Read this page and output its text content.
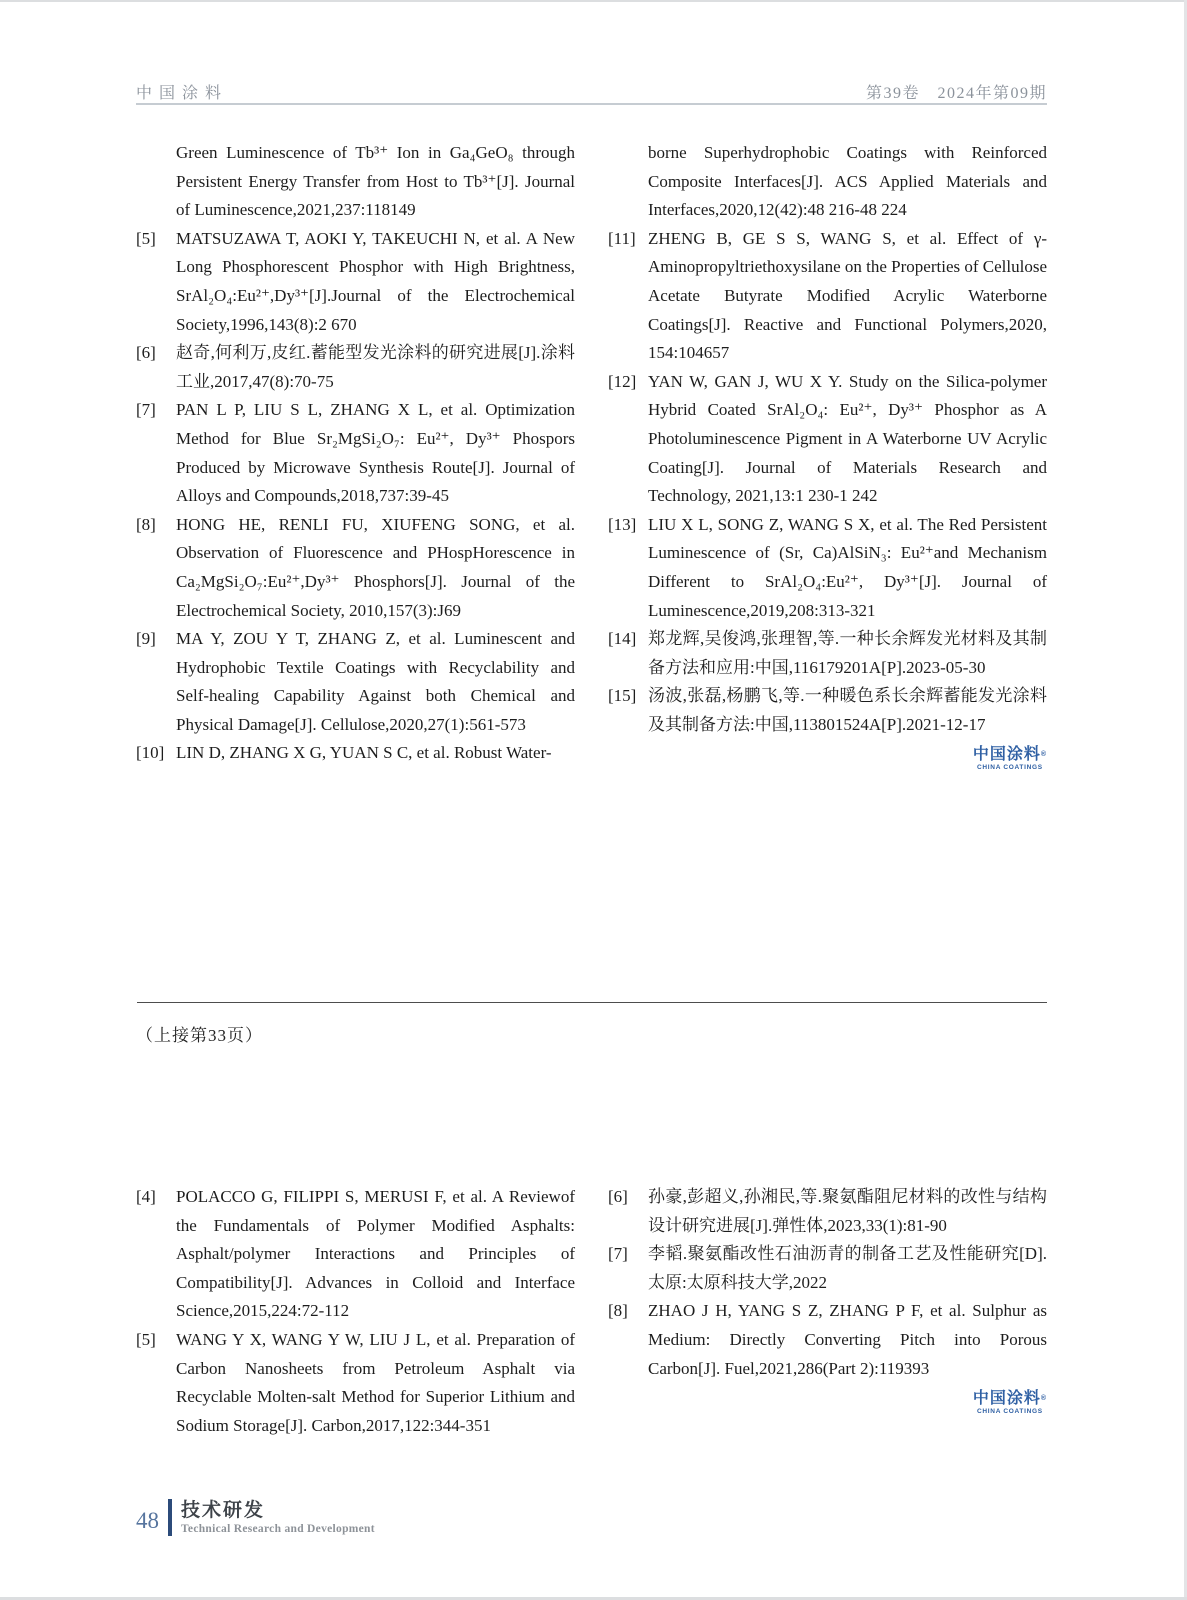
中国涂料	第39卷　2024年第09期
Green Luminescence of Tb³⁺ Ion in Ga₄GeO₈ through Persistent Energy Transfer from Host to Tb³⁺[J]. Journal of Luminescence,2021,237:118149
[5] MATSUZAWA T, AOKI Y, TAKEUCHI N, et al. A New Long Phosphorescent Phosphor with High Brightness, SrAl₂O₄:Eu²⁺,Dy³⁺[J].Journal of the Electrochemical Society,1996,143(8):2 670
[6] 赵奇,何利万,皮红.蓄能型发光涂料的研究进展[J].涂料工业,2017,47(8):70-75
[7] PAN L P, LIU S L, ZHANG X L, et al. Optimization Method for Blue Sr₂MgSi₂O₇: Eu²⁺, Dy³⁺ Phospors Produced by Microwave Synthesis Route[J]. Journal of Alloys and Compounds,2018,737:39-45
[8] HONG HE, RENLI FU, XIUFENG SONG, et al. Observation of Fluorescence and PHospHorescence in Ca₂MgSi₂O₇:Eu²⁺,Dy³⁺ Phosphors[J]. Journal of the Electrochemical Society, 2010,157(3):J69
[9] MA Y, ZOU Y T, ZHANG Z, et al. Luminescent and Hydrophobic Textile Coatings with Recyclability and Self-healing Capability Against both Chemical and Physical Damage[J]. Cellulose,2020,27(1):561-573
[10] LIN D, ZHANG X G, YUAN S C, et al. Robust Water-
borne Superhydrophobic Coatings with Reinforced Composite Interfaces[J]. ACS Applied Materials and Interfaces,2020,12(42):48 216-48 224
[11] ZHENG B, GE S S, WANG S, et al. Effect of γ-Aminopropyltriethoxysilane on the Properties of Cellulose Acetate Butyrate Modified Acrylic Waterborne Coatings[J]. Reactive and Functional Polymers,2020, 154:104657
[12] YAN W, GAN J, WU X Y. Study on the Silica-polymer Hybrid Coated SrAl₂O₄: Eu²⁺, Dy³⁺ Phosphor as A Photoluminescence Pigment in A Waterborne UV Acrylic Coating[J]. Journal of Materials Research and Technology, 2021,13:1 230-1 242
[13] LIU X L, SONG Z, WANG S X, et al. The Red Persistent Luminescence of (Sr, Ca)AlSiN₃: Eu²⁺and Mechanism Different to SrAl₂O₄:Eu²⁺, Dy³⁺[J]. Journal of Luminescence,2019,208:313-321
[14] 郑龙辉,吴俊鸿,张理智,等.一种长余辉发光材料及其制备方法和应用:中国,116179201A[P].2023-05-30
[15] 汤波,张磊,杨鹏飞,等.一种暖色系长余辉蓄能发光涂料及其制备方法:中国,113801524A[P].2021-12-17
中国涂料®
CHINA COATINGS
（上接第33页）
[4] POLACCO G, FILIPPI S, MERUSI F, et al. A Reviewof the Fundamentals of Polymer Modified Asphalts: Asphalt/polymer Interactions and Principles of Compatibility[J]. Advances in Colloid and Interface Science,2015,224:72-112
[5] WANG Y X, WANG Y W, LIU J L, et al. Preparation of Carbon Nanosheets from Petroleum Asphalt via Recyclable Molten-salt Method for Superior Lithium and Sodium Storage[J]. Carbon,2017,122:344-351
[6] 孙豪,彭超义,孙湘民,等.聚氨酯阻尼材料的改性与结构设计研究进展[J].弹性体,2023,33(1):81-90
[7] 李韬.聚氨酯改性石油沥青的制备工艺及性能研究[D].太原:太原科技大学,2022
[8] ZHAO J H, YANG S Z, ZHANG P F, et al. Sulphur as Medium: Directly Converting Pitch into Porous Carbon[J]. Fuel,2021,286(Part 2):119393
中国涂料®
CHINA COATINGS
48 技术研发
Technical Research and Development
